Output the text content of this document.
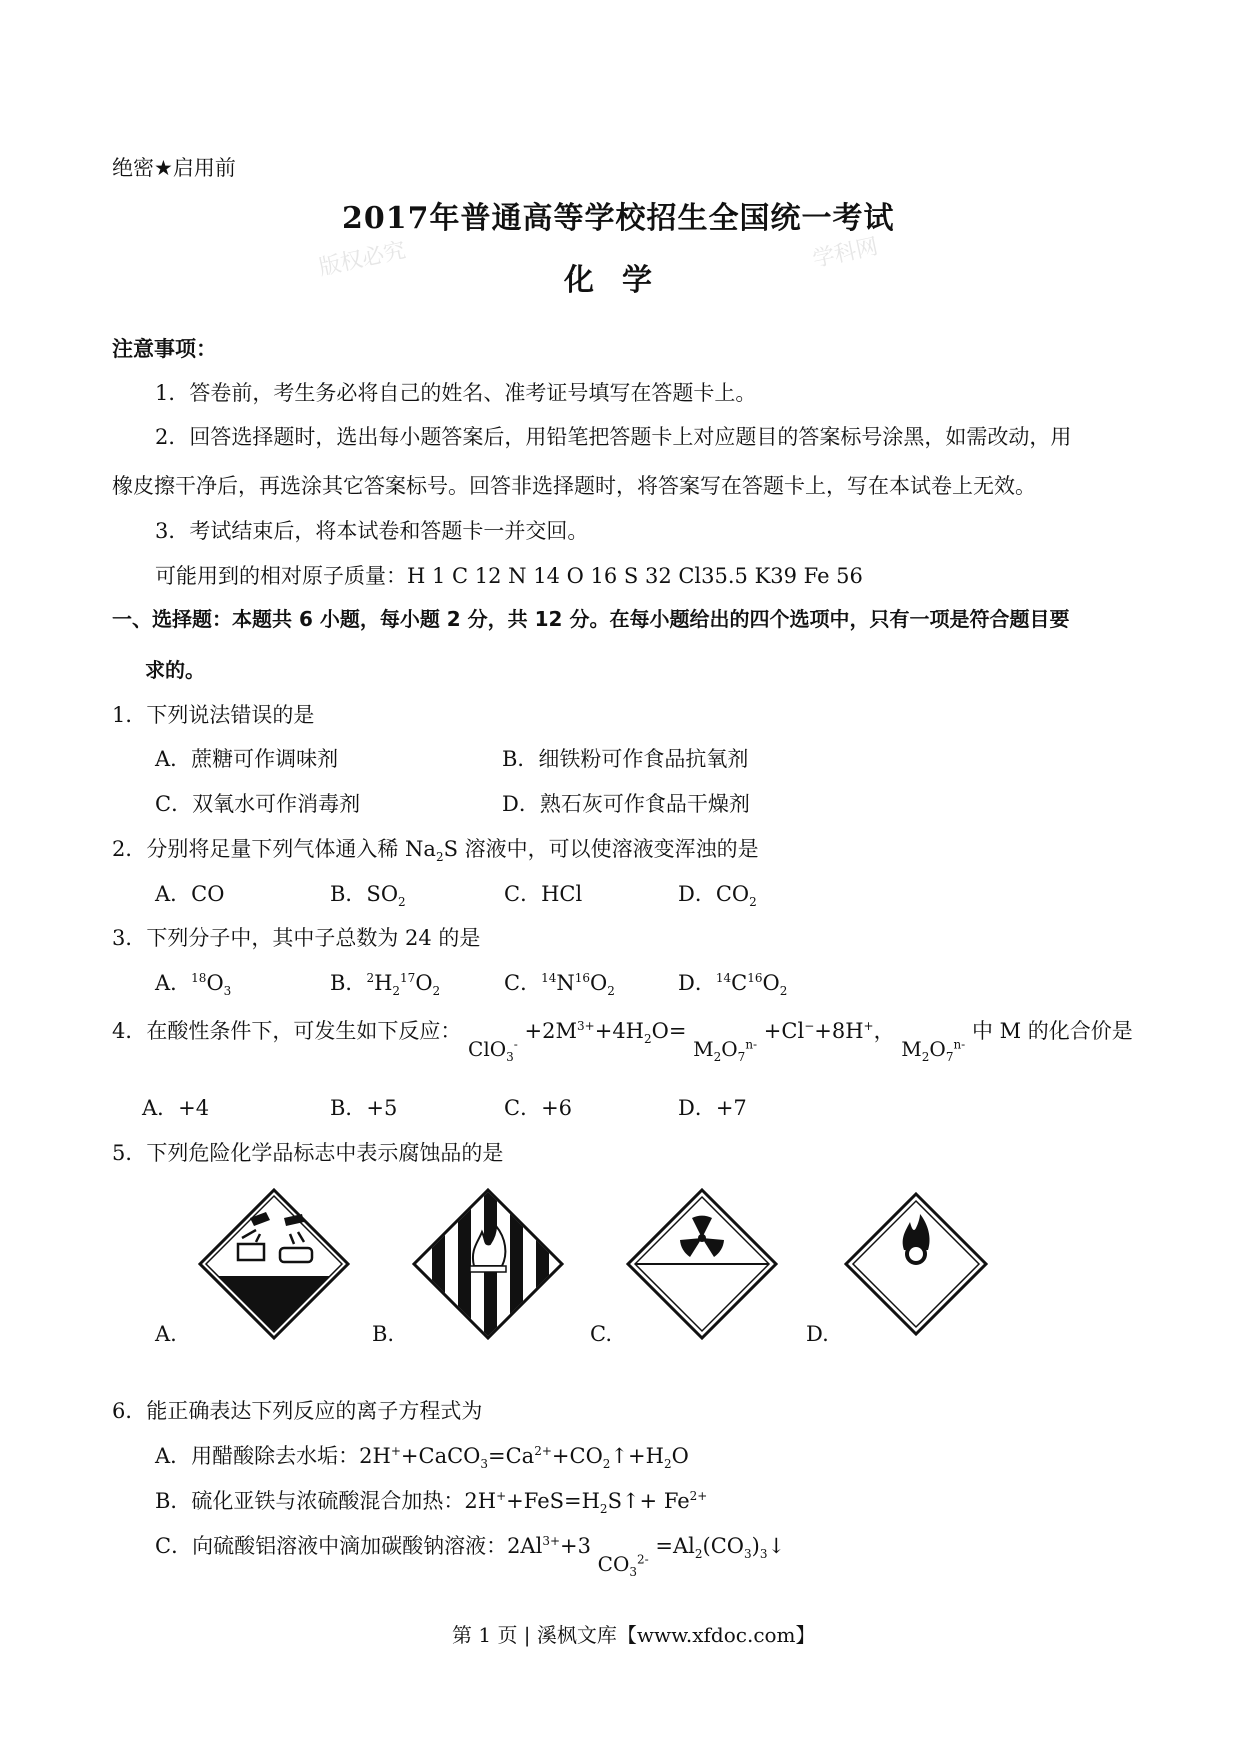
绝密★启用前
版权必究	学科网
2017年普通高等学校招生全国统一考试
化学
注意事项：
1．答卷前，考生务必将自己的姓名、准考证号填写在答题卡上。
2．回答选择题时，选出每小题答案后，用铅笔把答题卡上对应题目的答案标号涂黑，如需改动，用
橡皮擦干净后，再选涂其它答案标号。回答非选择题时，将答案写在答题卡上，写在本试卷上无效。
3．考试结束后，将本试卷和答题卡一并交回。
可能用到的相对原子质量：H 1 C 12 N 14 O 16 S 32 Cl35.5 K39 Fe 56
一、选择题：本题共 6 小题，每小题 2 分，共 12 分。在每小题给出的四个选项中，只有一项是符合题目要
求的。
1．下列说法错误的是
A．蔗糖可作调味剂	B．细铁粉可作食品抗氧剂
C．双氧水可作消毒剂	D．熟石灰可作食品干燥剂
2．分别将足量下列气体通入稀 $Na_2S$ 溶液中，可以使溶液变浑浊的是
A．CO	B．$SO_2$	C．HCl	D．$CO_2$
3．下列分子中，其中子总数为 24 的是
A．$^{18}O_3$	B．$^2H_2^{17}O_2$	C．$^{14}N^{16}O_2$	D．$^{14}C^{16}O_2$
4．在酸性条件下，可发生如下反应： $ClO_3^- +2M^{3+}+4H_2O= M_2O_7^{n-} +Cl^-+8H^+$， $M_2O_7^{n-}$ 中 M 的化合价是
A．+4	B．+5	C．+6	D．+7
5．下列危险化学品标志中表示腐蚀品的是
A.	B.	C.	D.
6．能正确表达下列反应的离子方程式为
A．用醋酸除去水垢：$2H^++CaCO_3=Ca^{2+}+CO_2↑+H_2O$
B．硫化亚铁与浓硫酸混合加热：$2H^++FeS=H_2S↑+ Fe^{2+}$
C．向硫酸铝溶液中滴加碳酸钠溶液：$2Al^{3+}+3$ $CO_3^{2-}$ $=Al_2(CO_3)_3↓$
第 1 页 | 溪枫文库【www.xfdoc.com】
